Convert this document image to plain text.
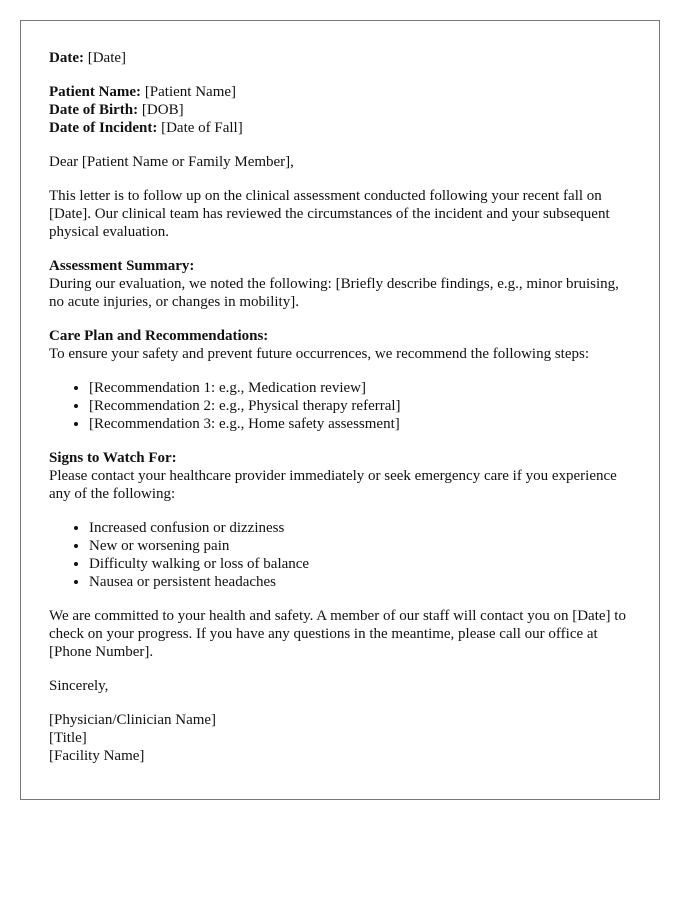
Date: [Date]
Patient Name: [Patient Name]
Date of Birth: [DOB]
Date of Incident: [Date of Fall]

Dear [Patient Name or Family Member],

This letter is to follow up on the clinical assessment conducted following your recent fall on [Date]. Our clinical team has reviewed the circumstances of the incident and your subsequent physical evaluation.

Assessment Summary:

During our evaluation, we noted the following: [Briefly describe findings, e.g., minor bruising, no acute injuries, or changes in mobility].

Care Plan and Recommendations:

To ensure your safety and prevent future occurrences, we recommend the following steps:

• [Recommendation 1: e.g., Medication review]
• [Recommendation 2: e.g., Physical therapy referral]
• [Recommendation 3: e.g., Home safety assessment]
Signs to Watch For:

Please contact your healthcare provider immediately or seek emergency care if you experience any of the following:

• Increased confusion or dizziness
• New or worsening pain
• Difficulty walking or loss of balance
• Nausea or persistent headaches

We are committed to your health and safety. A member of our staff will contact you on [Date] to check on your progress. If you have any questions in the meantime, please call our office at [Phone Number].

Sincerely,

[Physician/Clinician Name]
[Title]
[Facility Name]
